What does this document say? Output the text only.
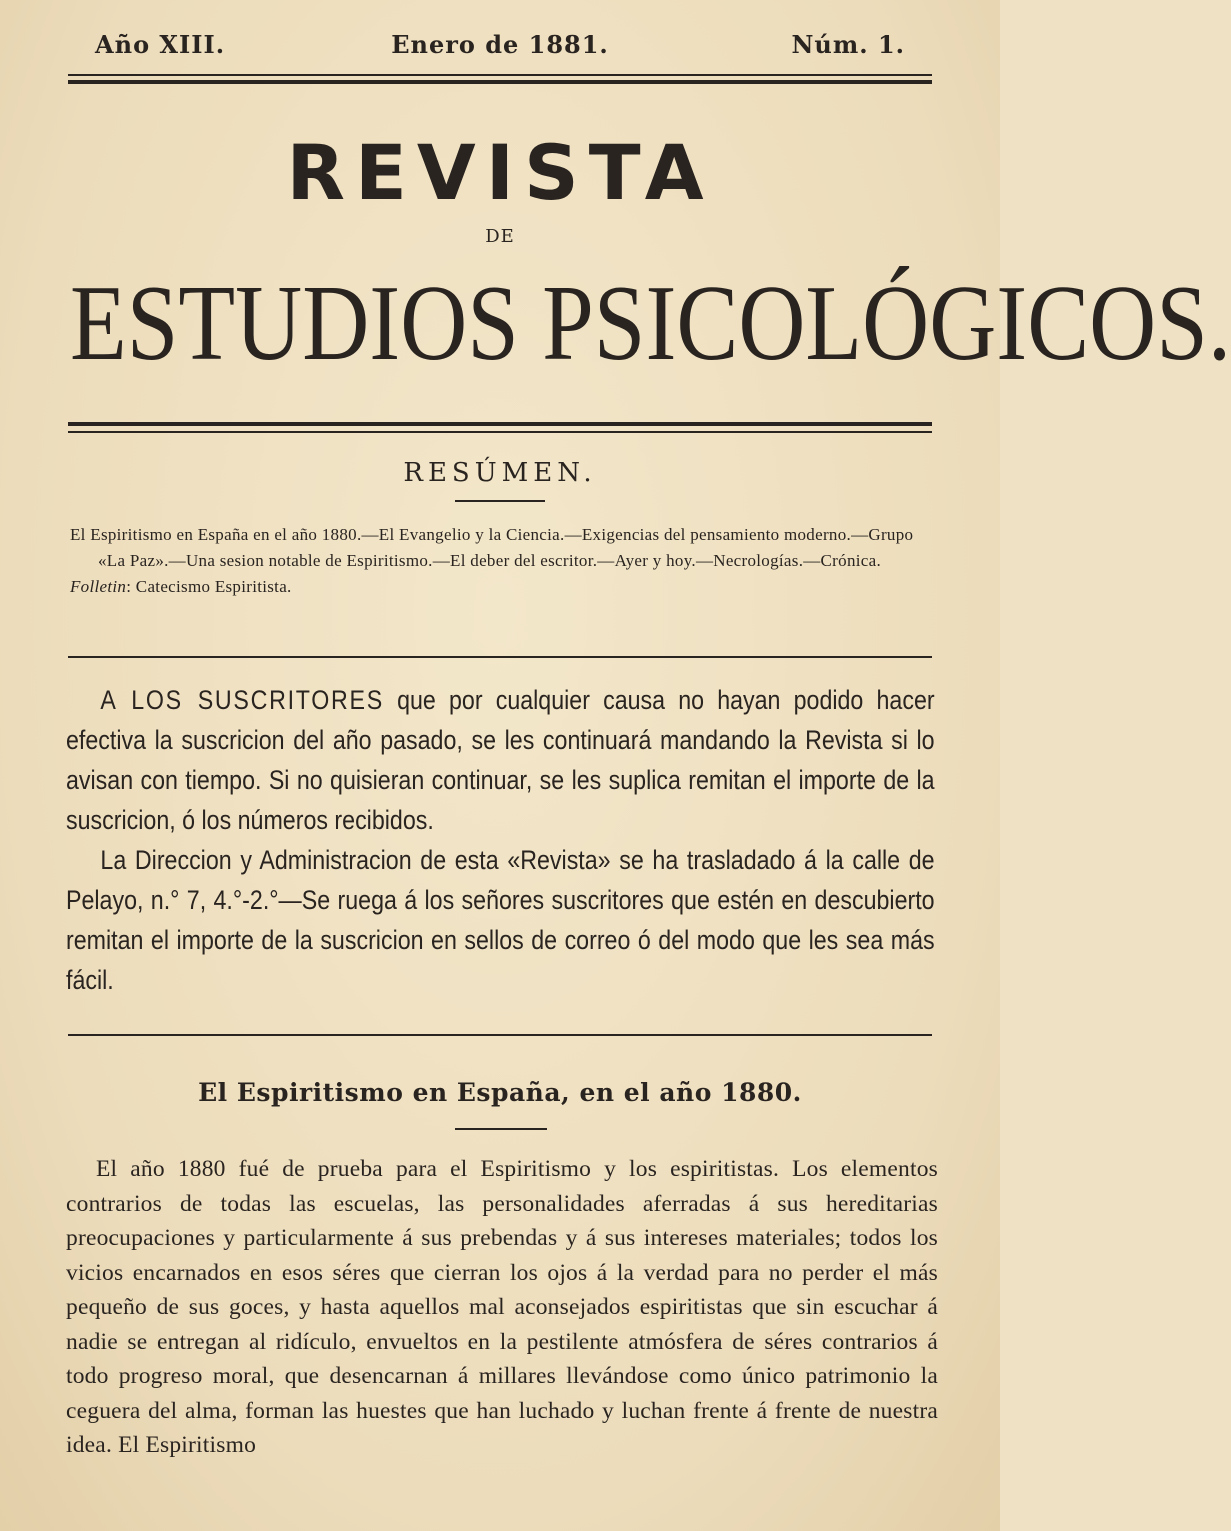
Año XIII.	Enero de 1881.	Núm. 1.
REVISTA
DE
ESTUDIOS PSICOLÓGICOS.
RESÚMEN.
El Espiritismo en España en el año 1880.—El Evangelio y la Ciencia.—Exigencias del pensamiento moderno.—Grupo «La Paz».—Una sesion notable de Espiritismo.—El deber del escritor.—Ayer y hoy.—Necrologías.—Crónica.
Folletin: Catecismo Espiritista.

A LOS SUSCRITORES que por cualquier causa no hayan podido hacer efectiva la suscricion del año pasado, se les continuará mandando la Revista si lo avisan con tiempo. Si no quisieran continuar, se les suplica remitan el importe de la suscricion, ó los números recibidos.

La Direccion y Administracion de esta «Revista» se ha trasladado á la calle de Pelayo, n.° 7, 4.°-2.°—Se ruega á los señores suscritores que estén en descubierto remitan el importe de la suscricion en sellos de correo ó del modo que les sea más fácil.

El Espiritismo en España, en el año 1880.

El año 1880 fué de prueba para el Espiritismo y los espiritistas. Los elementos contrarios de todas las escuelas, las personalidades aferradas á sus hereditarias preocupaciones y particularmente á sus prebendas y á sus intereses materiales; todos los vicios encarnados en esos séres que cierran los ojos á la verdad para no perder el más pequeño de sus goces, y hasta aquellos mal aconsejados espiritistas que sin escuchar á nadie se entregan al ridículo, envueltos en la pestilente atmósfera de séres contrarios á todo progreso moral, que desencarnan á millares llevándose como único patrimonio la ceguera del alma, forman las huestes que han luchado y luchan frente á frente de nuestra idea. El Espiritismo
